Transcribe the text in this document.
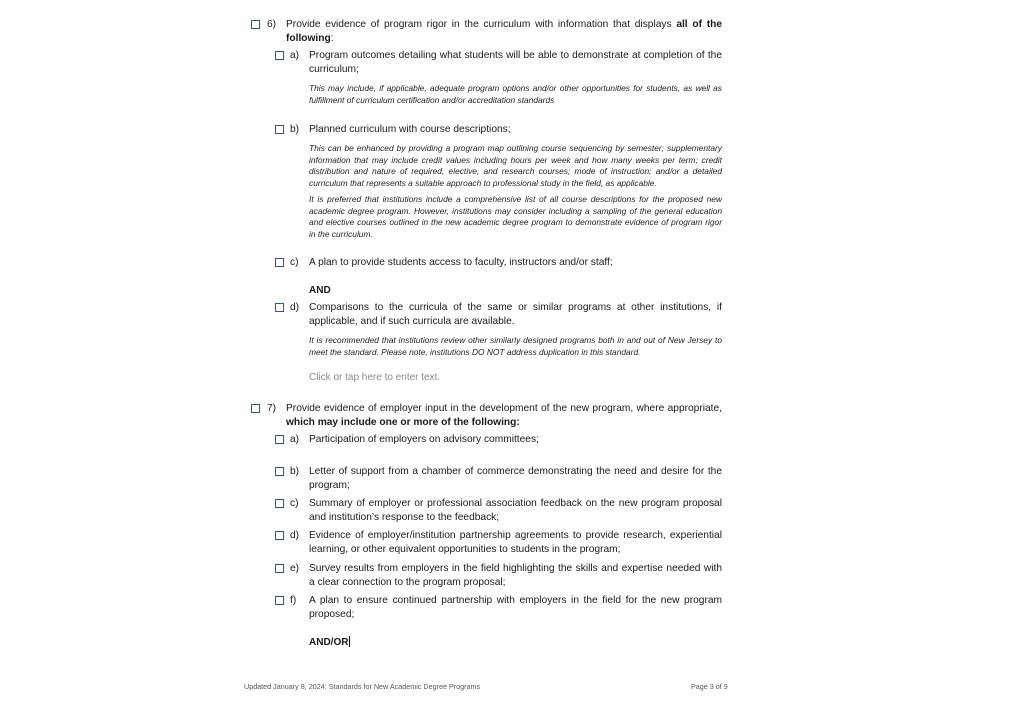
6) Provide evidence of program rigor in the curriculum with information that displays all of the following:
a) Program outcomes detailing what students will be able to demonstrate at completion of the curriculum;
This may include, if applicable, adequate program options and/or other opportunities for students, as well as fulfillment of curriculum certification and/or accreditation standards
b) Planned curriculum with course descriptions;
This can be enhanced by providing a program map outlining course sequencing by semester; supplementary information that may include credit values including hours per week and how many weeks per term; credit distribution and nature of required, elective, and research courses; mode of instruction; and/or a detailed curriculum that represents a suitable approach to professional study in the field, as applicable.
It is preferred that institutions include a comprehensive list of all course descriptions for the proposed new academic degree program. However, institutions may consider including a sampling of the general education and elective courses outlined in the new academic degree program to demonstrate evidence of program rigor in the curriculum.
c) A plan to provide students access to faculty, instructors and/or staff;
AND
d) Comparisons to the curricula of the same or similar programs at other institutions, if applicable, and if such curricula are available.
It is recommended that institutions review other similarly designed programs both in and out of New Jersey to meet the standard. Please note, institutions DO NOT address duplication in this standard.
Click or tap here to enter text.
7) Provide evidence of employer input in the development of the new program, where appropriate, which may include one or more of the following:
a) Participation of employers on advisory committees;
b) Letter of support from a chamber of commerce demonstrating the need and desire for the program;
c) Summary of employer or professional association feedback on the new program proposal and institution’s response to the feedback;
d) Evidence of employer/institution partnership agreements to provide research, experiential learning, or other equivalent opportunities to students in the program;
e) Survey results from employers in the field highlighting the skills and expertise needed with a clear connection to the program proposal;
f) A plan to ensure continued partnership with employers in the field for the new program proposed;
AND/OR
Updated January 8, 2024: Standards for New Academic Degree Programs	Page 3 of 9
